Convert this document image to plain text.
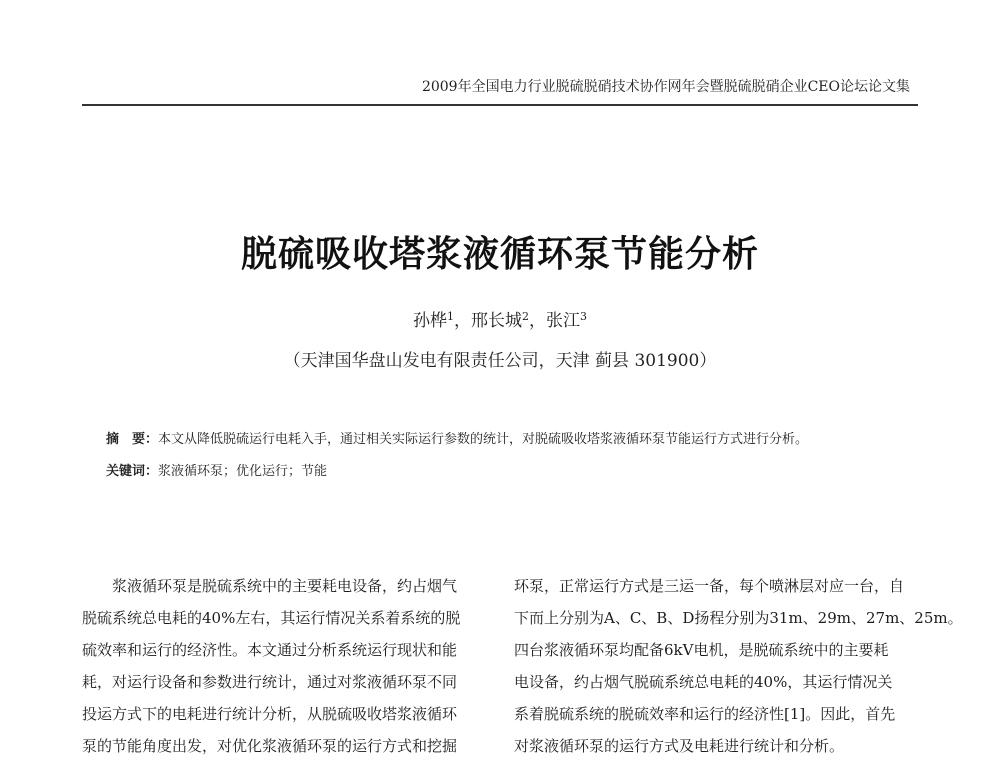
2009年全国电力行业脱硫脱硝技术协作网年会暨脱硫脱硝企业CEO论坛论文集
脱硫吸收塔浆液循环泵节能分析
孙桦$^1$，邢长城$^2$，张江$^3$
（天津国华盘山发电有限责任公司，天津 蓟县 301900）
摘　要：本文从降低脱硫运行电耗入手，通过相关实际运行参数的统计，对脱硫吸收塔浆液循环泵节能运行方式进行分析。
关键词：浆液循环泵；优化运行；节能
浆液循环泵是脱硫系统中的主要耗电设备，约占烟气
脱硫系统总电耗的40%左右，其运行情况关系着系统的脱
硫效率和运行的经济性。本文通过分析系统运行现状和能
耗，对运行设备和参数进行统计，通过对浆液循环泵不同
投运方式下的电耗进行统计分析，从脱硫吸收塔浆液循环
泵的节能角度出发，对优化浆液循环泵的运行方式和挖掘
环泵，正常运行方式是三运一备，每个喷淋层对应一台，自
下而上分别为A、C、B、D扬程分别为31m、29m、27m、25m。
四台浆液循环泵均配备6kV电机，是脱硫系统中的主要耗
电设备，约占烟气脱硫系统总电耗的40%，其运行情况关
系着脱硫系统的脱硫效率和运行的经济性[1]。因此，首先
对浆液循环泵的运行方式及电耗进行统计和分析。
